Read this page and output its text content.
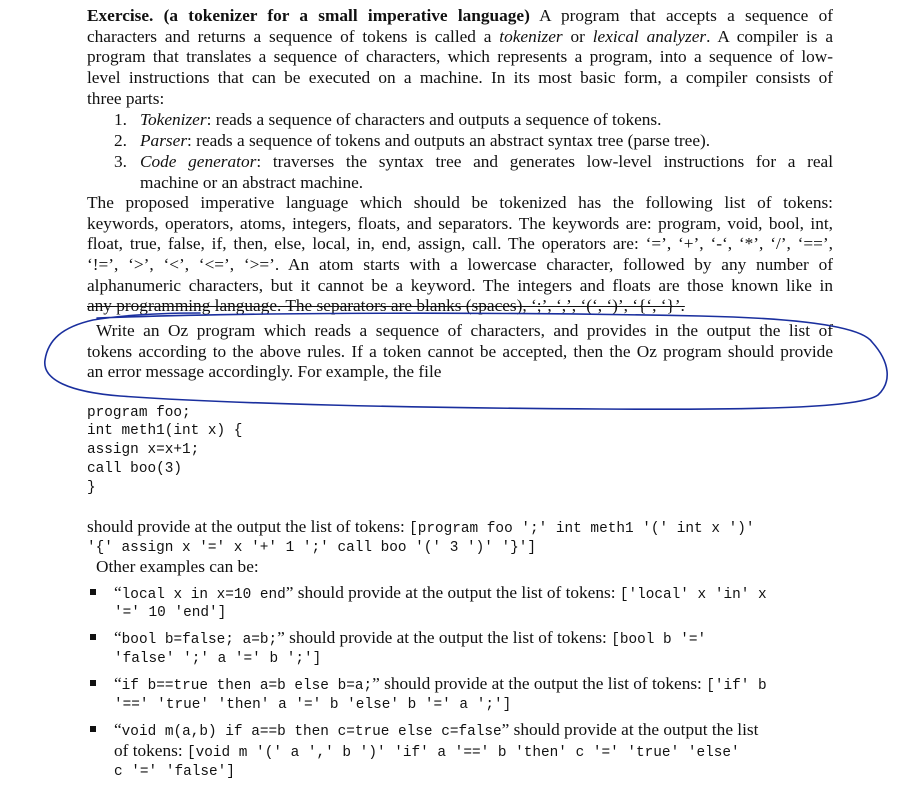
Exercise. (a tokenizer for a small imperative language) A program that accepts a sequence of
characters and returns a sequence of tokens is called a tokenizer or lexical analyzer. A compiler is a
program that translates a sequence of characters, which represents a program, into a sequence of low-
level instructions that can be executed on a machine. In its most basic form, a compiler consists of
three parts:
1. Tokenizer: reads a sequence of characters and outputs a sequence of tokens.
2. Parser: reads a sequence of tokens and outputs an abstract syntax tree (parse tree).
3. Code generator: traverses the syntax tree and generates low-level instructions for a real
machine or an abstract machine.
The proposed imperative language which should be tokenized has the following list of tokens:
keywords, operators, atoms, integers, floats, and separators. The keywords are: program, void, bool, int,
float, true, false, if, then, else, local, in, end, assign, call. The operators are: ‘=’, ‘+’, ‘-‘, ‘*’, ‘/’, ‘==’,
‘!=’, ‘>’, ‘<’, ‘<=’, ‘>=’. An atom starts with a lowercase character, followed by any number of
alphanumeric characters, but it cannot be a keyword. The integers and floats are those known like in
any programming language. The separators are blanks (spaces), ‘;’, ‘,’, ‘(‘, ‘)’, ‘{‘, ‘}’.
Write an Oz program which reads a sequence of characters, and provides in the output the list of
tokens according to the above rules. If a token cannot be accepted, then the Oz program should provide
an error message accordingly. For example, the file
program foo;
int meth1(int x) {
assign x=x+1;
call boo(3)
}
should provide at the output the list of tokens: [program foo ';' int meth1 '(' int x ')'
'{' assign x '=' x '+' 1 ';' call boo '(' 3 ')' '}']
Other examples can be:
“local x in x=10 end” should provide at the output the list of tokens: ['local' x 'in' x
'=' 10 'end']
“bool b=false; a=b;” should provide at the output the list of tokens: [bool b '='
'false' ';' a '=' b ';']
“if b==true then a=b else b=a;” should provide at the output the list of tokens: ['if' b
'==' 'true' 'then' a '=' b 'else' b '=' a ';']
“void m(a,b) if a==b then c=true else c=false” should provide at the output the list
of tokens: [void m '(' a ',' b ')' 'if' a '==' b 'then' c '=' 'true' 'else'
c '=' 'false']
